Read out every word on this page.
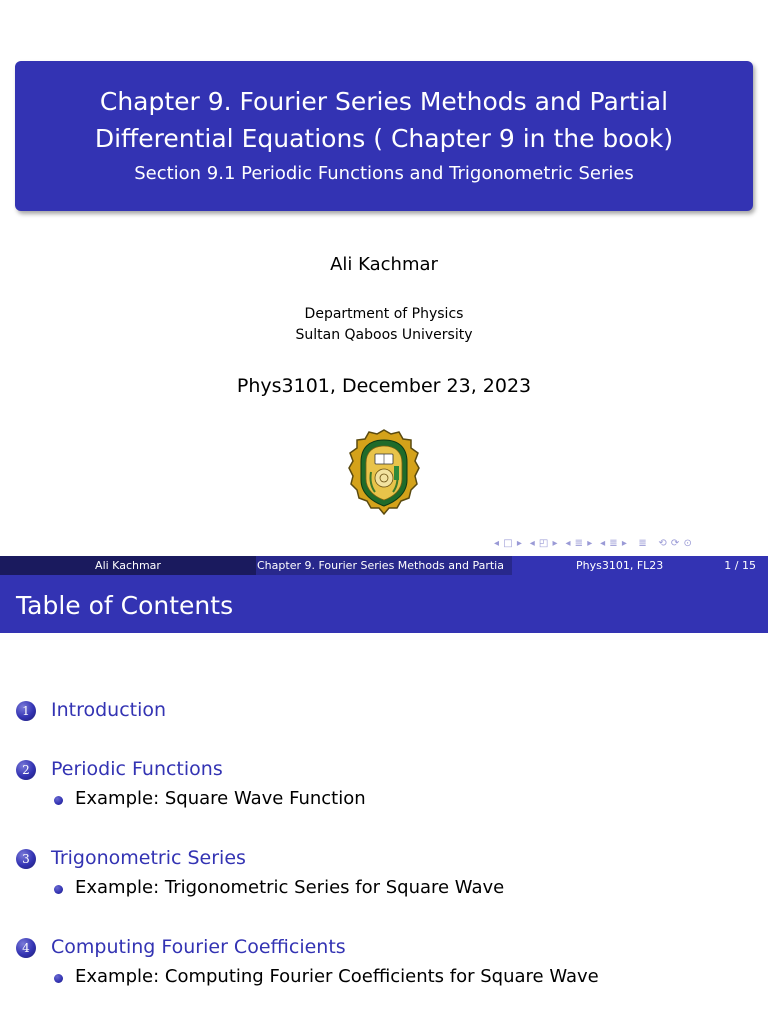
Chapter 9. Fourier Series Methods and Partial
Differential Equations ( Chapter 9 in the book)
Section 9.1 Periodic Functions and Trigonometric Series
Ali Kachmar
Department of Physics
Sultan Qaboos University
Phys3101, December 23, 2023
◂ □ ▸ ◂ ◰ ▸ ◂ ≣ ▸ ◂ ≣ ▸ ≣ ⟲ ⟳ ⊙
Ali Kachmar	Chapter 9. Fourier Series Methods and Partia	Phys3101, FL23	1 / 15
Table of Contents
1	Introduction
2	Periodic Functions
Example: Square Wave Function
3	Trigonometric Series
Example: Trigonometric Series for Square Wave
4	Computing Fourier Coefficients
Example: Computing Fourier Coefficients for Square Wave
